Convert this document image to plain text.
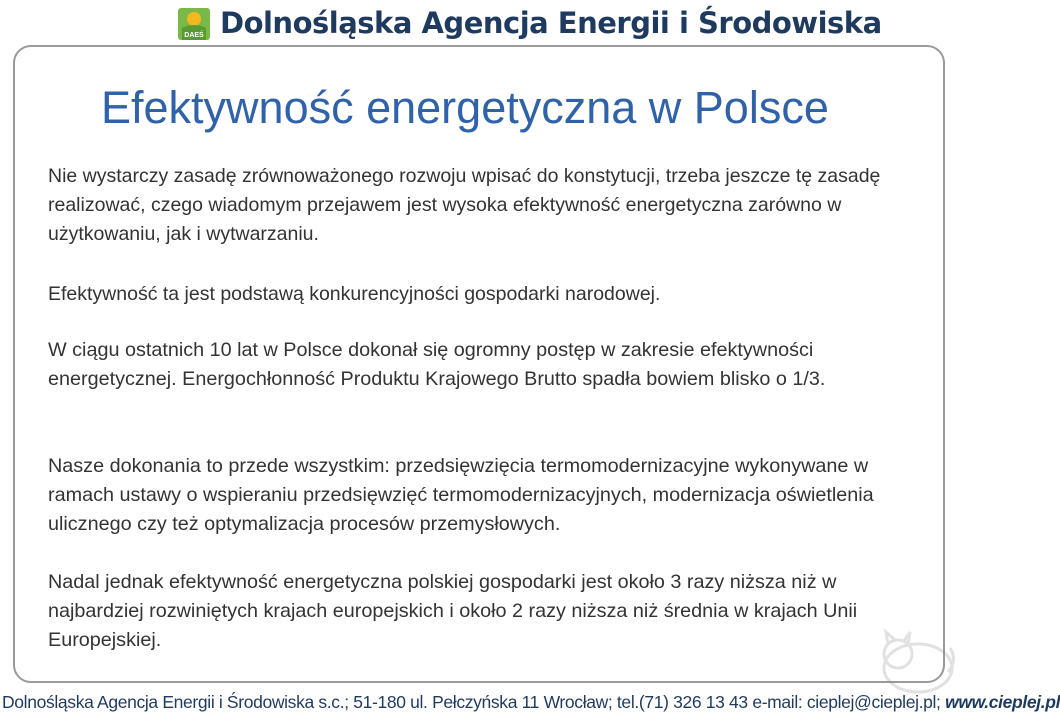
DAEŚ Dolnośląska Agencja Energii i Środowiska
Efektywność energetyczna w Polsce

Nie wystarczy zasadę zrównoważonego rozwoju wpisać do konstytucji, trzeba jeszcze tę zasadę realizować, czego wiadomym przejawem jest wysoka efektywność energetyczna zarówno w użytkowaniu, jak i wytwarzaniu.

Efektywność ta jest podstawą konkurencyjności gospodarki narodowej.

W ciągu ostatnich 10 lat w Polsce dokonał się ogromny postęp w zakresie efektywności energetycznej. Energochłonność Produktu Krajowego Brutto spadła bowiem blisko o 1/3.

Nasze dokonania to przede wszystkim: przedsięwzięcia termomodernizacyjne wykonywane w ramach ustawy o wspieraniu przedsięwzięć termomodernizacyjnych, modernizacja oświetlenia ulicznego czy też optymalizacja procesów przemysłowych.

Nadal jednak efektywność energetyczna polskiej gospodarki jest około 3 razy niższa niż w najbardziej rozwiniętych krajach europejskich i około 2 razy niższa niż średnia w krajach Unii Europejskiej.

Dolnośląska Agencja Energii i Środowiska s.c.; 51-180 ul. Pełczyńska 11 Wrocław; tel.(71) 326 13 43 e-mail: cieplej@cieplej.pl; www.cieplej.pl
